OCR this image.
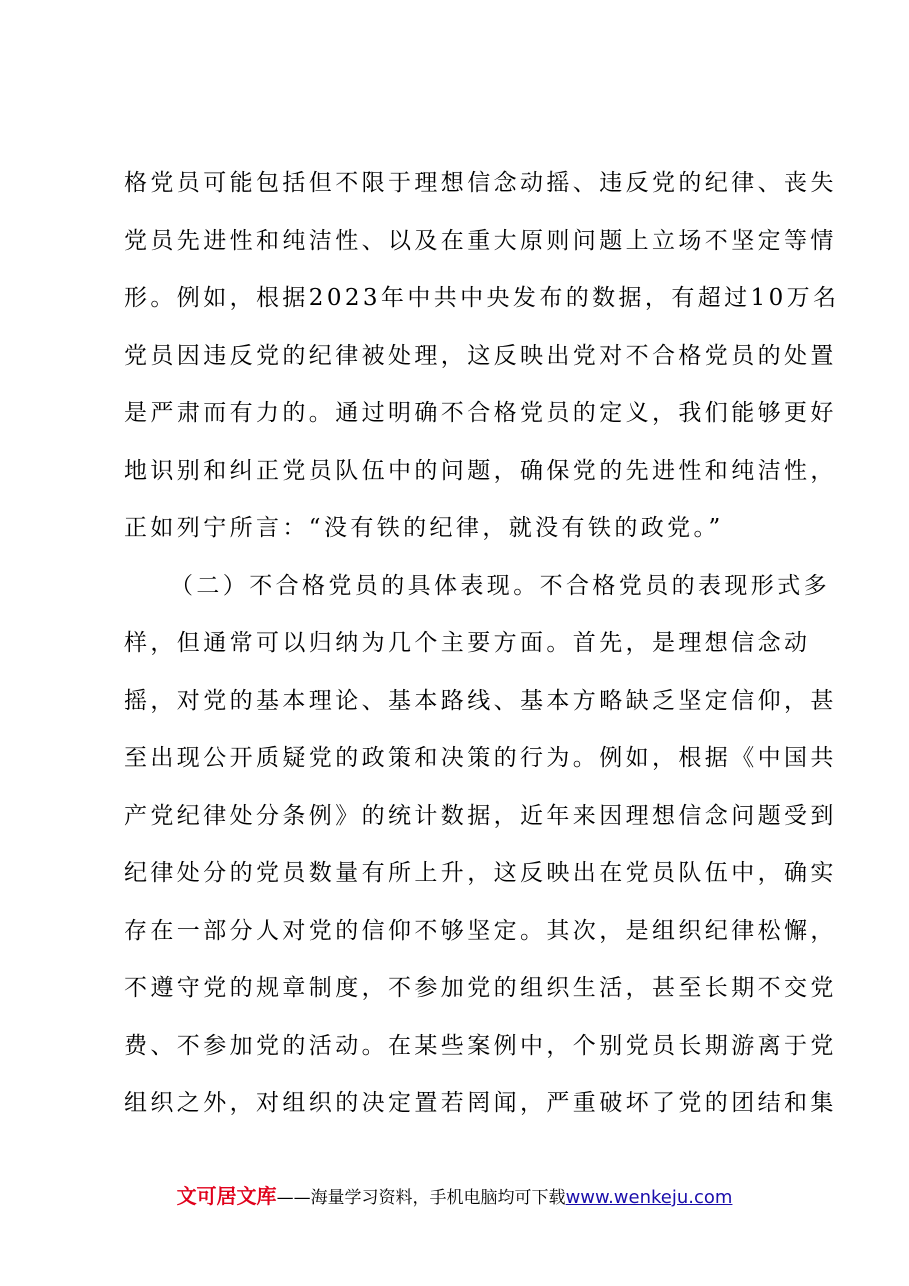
格党员可能包括但不限于理想信念动摇、违反党的纪律、丧失
党员先进性和纯洁性、以及在重大原则问题上立场不坚定等情
形。例如，根据2023年中共中央发布的数据，有超过10万名
党员因违反党的纪律被处理，这反映出党对不合格党员的处置
是严肃而有力的。通过明确不合格党员的定义，我们能够更好
地识别和纠正党员队伍中的问题，确保党的先进性和纯洁性，
正如列宁所言：“没有铁的纪律，就没有铁的政党。”
（二）不合格党员的具体表现。不合格党员的表现形式多
样，但通常可以归纳为几个主要方面。首先，是理想信念动
摇，对党的基本理论、基本路线、基本方略缺乏坚定信仰，甚
至出现公开质疑党的政策和决策的行为。例如，根据《中国共
产党纪律处分条例》的统计数据，近年来因理想信念问题受到
纪律处分的党员数量有所上升，这反映出在党员队伍中，确实
存在一部分人对党的信仰不够坚定。其次，是组织纪律松懈，
不遵守党的规章制度，不参加党的组织生活，甚至长期不交党
费、不参加党的活动。在某些案例中，个别党员长期游离于党
组织之外，对组织的决定置若罔闻，严重破坏了党的团结和集
文可居文库——海量学习资料，手机电脑均可下载www.wenkeju.com
